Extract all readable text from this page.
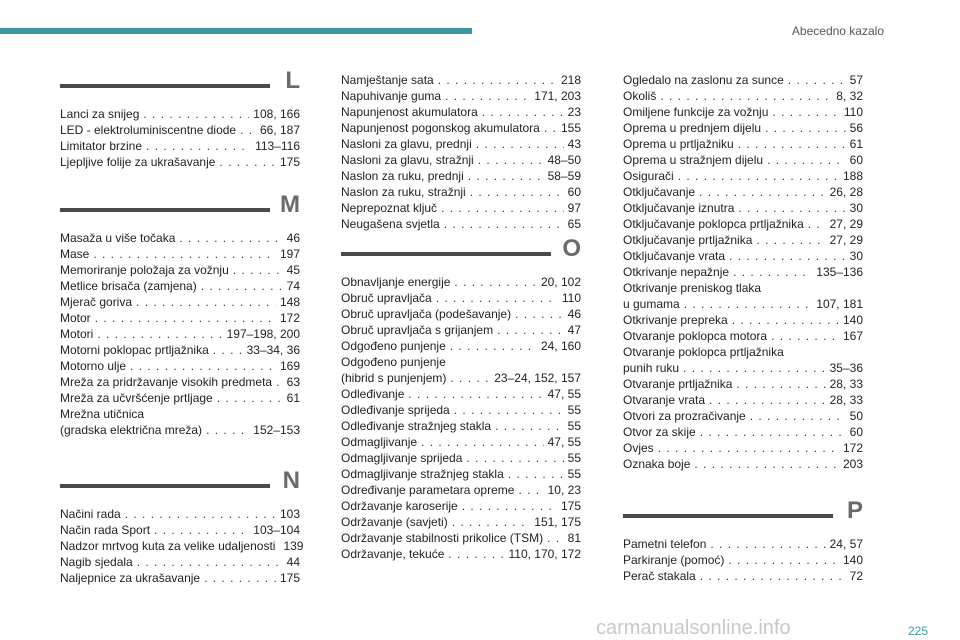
Abecedno kazalo
L
Lanci za snijeg . . .	108, 166
LED - elektroluminiscentne diode . . . 66, 187
Limitator brzine . . .	113–116
Ljepljive folije za ukrašavanje . . .	175
M
Masaža u više točaka . . .	46
Mase . . .	197
Memoriranje položaja za vožnju . . .	45
Metlice brisača (zamjena) . . .	74
Mjerač goriva . . .	148
Motor . . .	172
Motori . . .	197–198, 200
Motorni poklopac prtljažnika . . .	33–34, 36
Motorno ulje . . .	169
Mreža za pridržavanje visokih predmeta . . . 63
Mreža za učvršćenje prtljage . . .	61
Mrežna utičnica
(gradska električna mreža) . . .	152–153
N
Načini rada . . .	103
Način rada Sport . . .	103–104
Nadzor mrtvog kuta za velike udaljenosti 139
Nagib sjedala . . .	44
Naljepnice za ukrašavanje . . .	175
Namještanje sata . . .	218
Napuhivanje guma . . .	171, 203
Napunjenost akumulatora . . .	23
Napunjenost pogonskog akumulatora . . . 155
Nasloni za glavu, prednji . . .	43
Nasloni za glavu, stražnji . . .	48–50
Naslon za ruku, prednji . . .	58–59
Naslon za ruku, stražnji . . .	60
Neprepoznat ključ . . .	97
Neugašena svjetla . . .	65
O
Obnavljanje energije . . .	20, 102
Obruč upravljača . . .	110
Obruč upravljača (podešavanje) . . .	46
Obruč upravljača s grijanjem . . .	47
Odgođeno punjenje . . .	24, 160
Odgođeno punjenje
(hibrid s punjenjem) . . .	23–24, 152, 157
Odleđivanje . . .	47, 55
Odleđivanje sprijeda . . .	55
Odleđivanje stražnjeg stakla . . .	55
Odmagljivanje . . .	47, 55
Odmagljivanje sprijeda . . .	55
Odmagljivanje stražnjeg stakla . . .	55
Određivanje parametara opreme . . .	10, 23
Održavanje karoserije . . .	175
Održavanje (savjeti) . . .	151, 175
Održavanje stabilnosti prikolice (TSM) . . . 81
Održavanje, tekuće . . .	110, 170, 172
Ogledalo na zaslonu za sunce . . .	57
Okoliš . . .	8, 32
Omiljene funkcije za vožnju . . .	110
Oprema u prednjem dijelu . . .	56
Oprema u prtljažniku . . .	61
Oprema u stražnjem dijelu . . .	60
Osigurači . . .	188
Otključavanje . . .	26, 28
Otključavanje iznutra . . .	30
Otključavanje poklopca prtljažnika . . . 27, 29
Otključavanje prtljažnika . . .	27, 29
Otključavanje vrata . . .	30
Otkrivanje nepažnje . . .	135–136
Otkrivanje preniskog tlaka
u gumama . . .	107, 181
Otkrivanje prepreka . . .	140
Otvaranje poklopca motora . . .	167
Otvaranje poklopca prtljažnika
punih ruku . . .	35–36
Otvaranje prtljažnika . . .	28, 33
Otvaranje vrata . . .	28, 33
Otvori za prozračivanje . . .	50
Otvor za skije . . .	60
Ovjes . . .	172
Oznaka boje . . .	203
P
Pametni telefon . . .	24, 57
Parkiranje (pomoć) . . .	140
Perač stakala . . .	72
225
carmanualsonline.info
